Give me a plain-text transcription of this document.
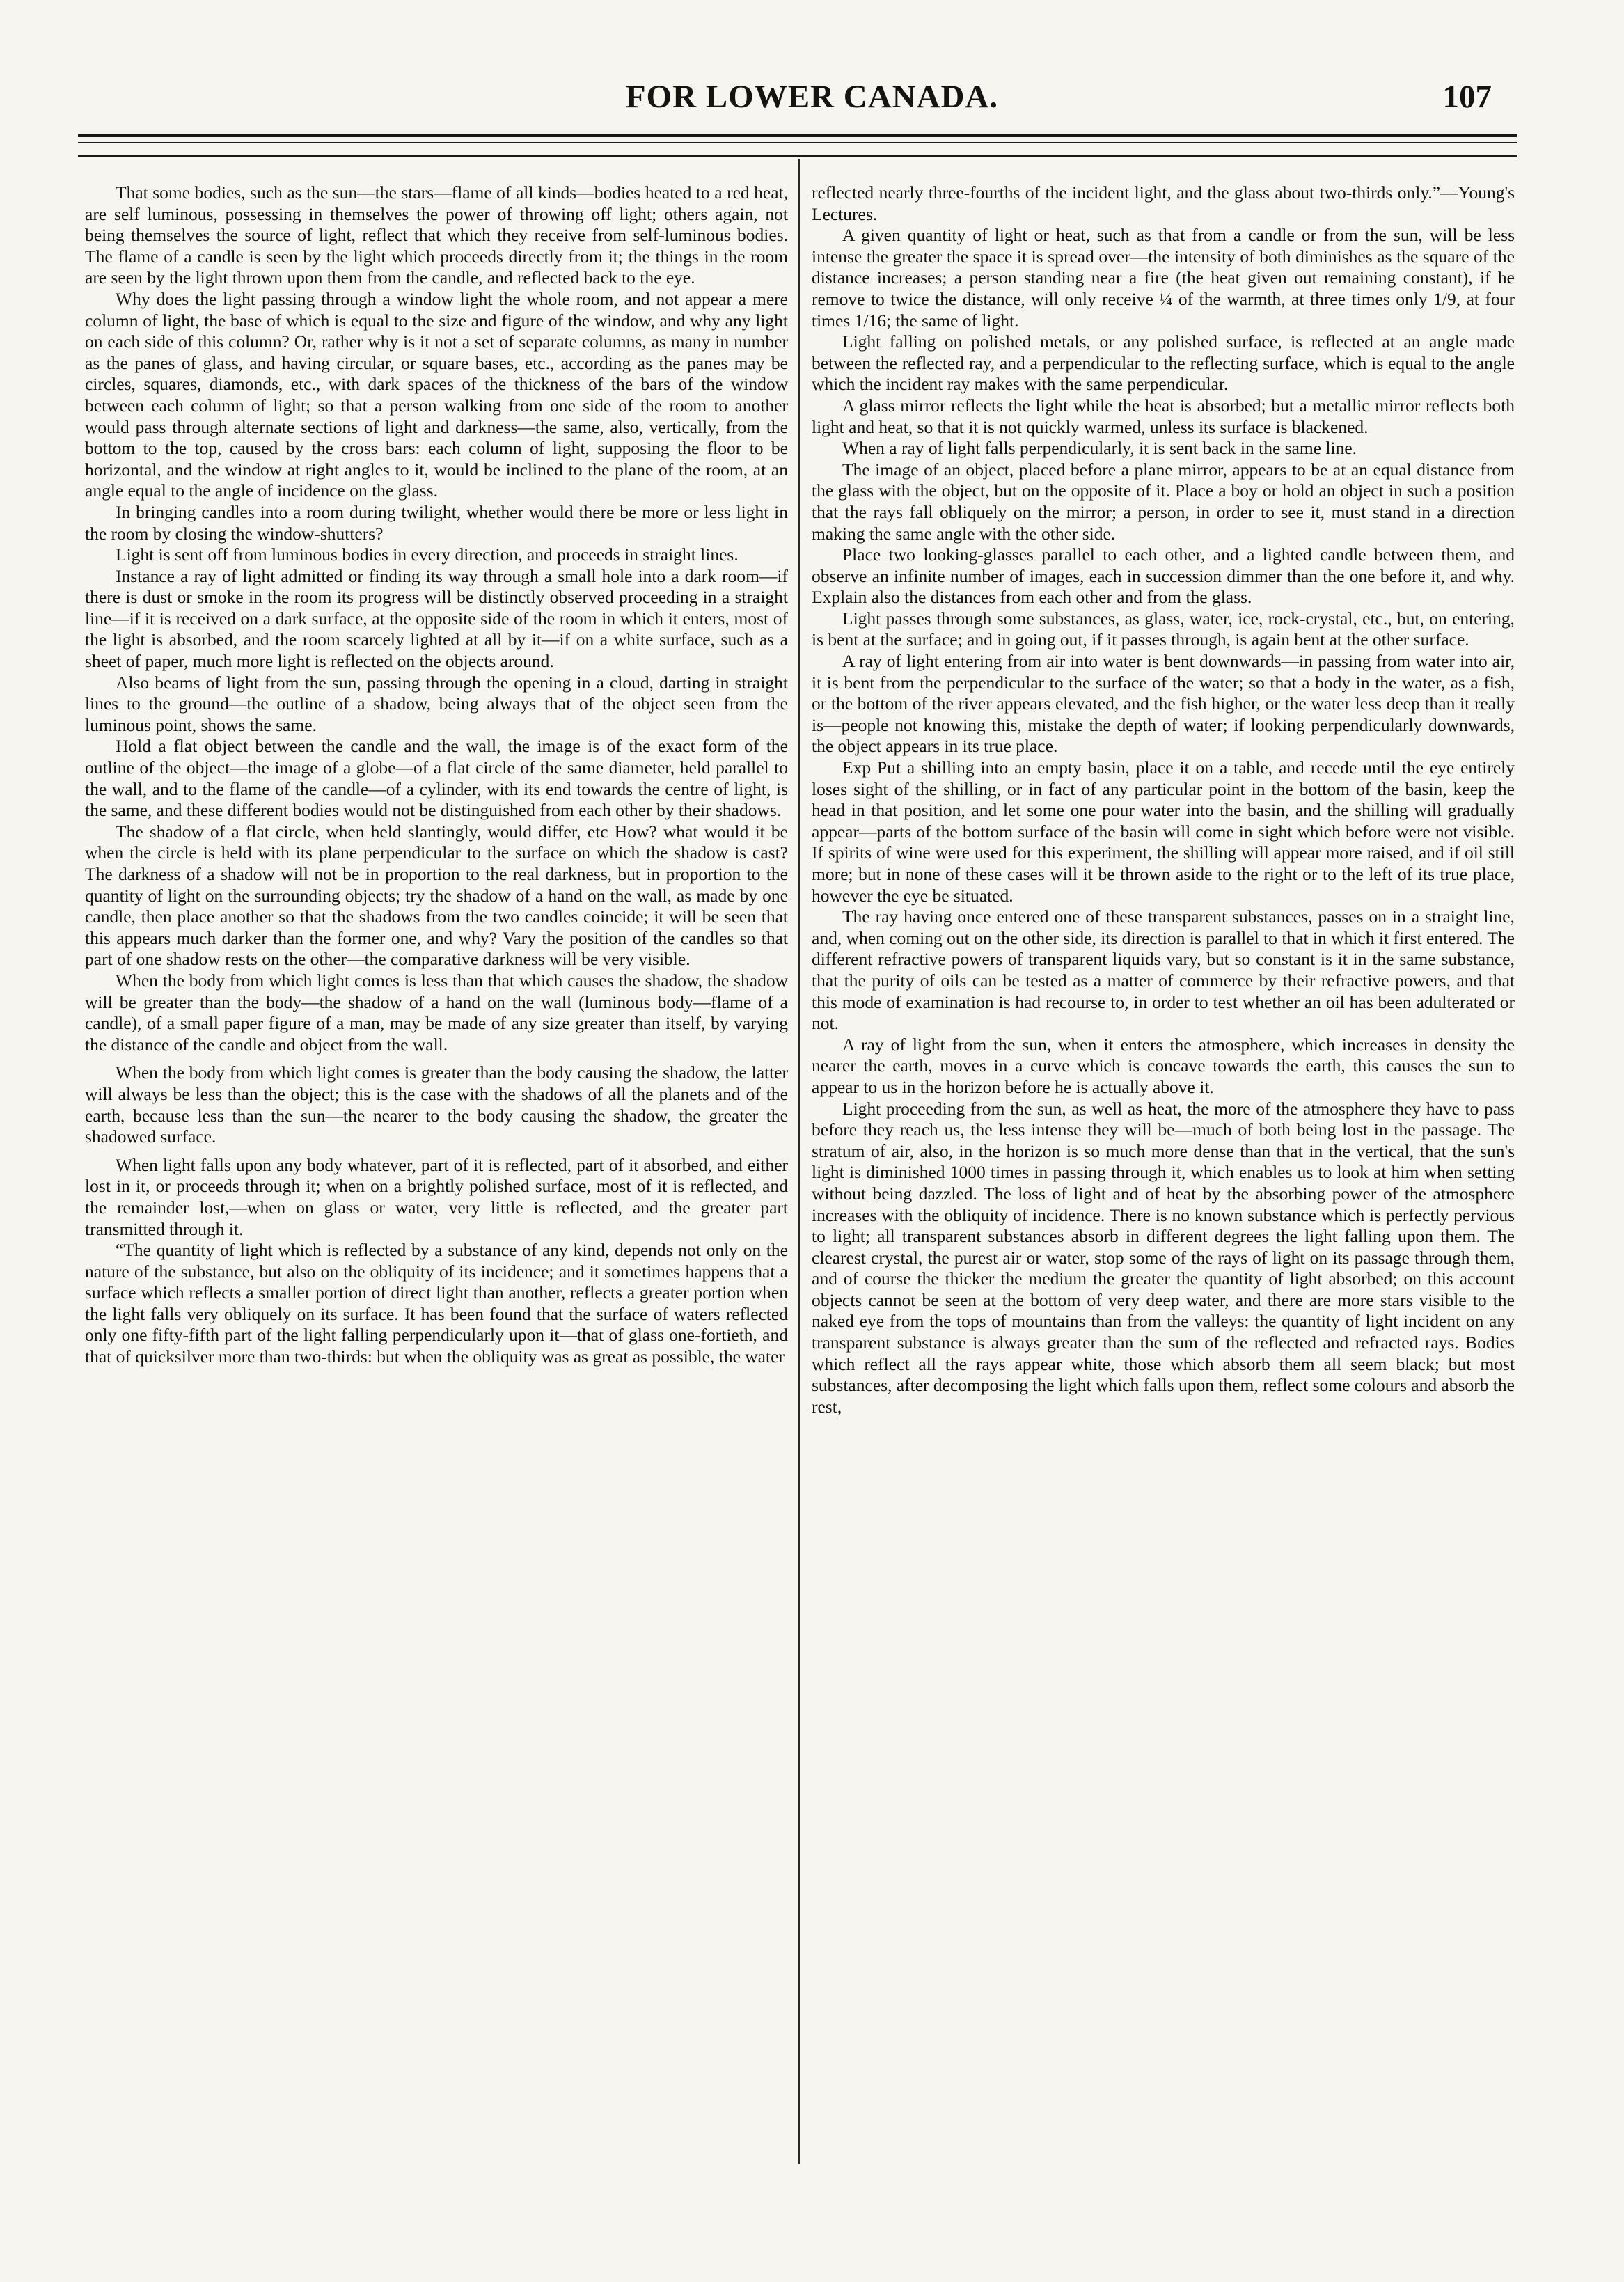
FOR LOWER CANADA.	107

That some bodies, such as the sun—the stars—flame of all kinds—bodies heated to a red heat, are self luminous, possessing in themselves the power of throwing off light; others again, not being themselves the source of light, reflect that which they receive from self-luminous bodies. The flame of a candle is seen by the light which proceeds directly from it; the things in the room are seen by the light thrown upon them from the candle, and reflected back to the eye.

Why does the light passing through a window light the whole room, and not appear a mere column of light, the base of which is equal to the size and figure of the window, and why any light on each side of this column? Or, rather why is it not a set of separate columns, as many in number as the panes of glass, and having circular, or square bases, etc., according as the panes may be circles, squares, diamonds, etc., with dark spaces of the thickness of the bars of the window between each column of light; so that a person walking from one side of the room to another would pass through alternate sections of light and darkness—the same, also, vertically, from the bottom to the top, caused by the cross bars: each column of light, supposing the floor to be horizontal, and the window at right angles to it, would be inclined to the plane of the room, at an angle equal to the angle of incidence on the glass.

In bringing candles into a room during twilight, whether would there be more or less light in the room by closing the window-shutters?

Light is sent off from luminous bodies in every direction, and proceeds in straight lines.

Instance a ray of light admitted or finding its way through a small hole into a dark room—if there is dust or smoke in the room its progress will be distinctly observed proceeding in a straight line—if it is received on a dark surface, at the opposite side of the room in which it enters, most of the light is absorbed, and the room scarcely lighted at all by it—if on a white surface, such as a sheet of paper, much more light is reflected on the objects around.

Also beams of light from the sun, passing through the opening in a cloud, darting in straight lines to the ground—the outline of a shadow, being always that of the object seen from the luminous point, shows the same.

Hold a flat object between the candle and the wall, the image is of the exact form of the outline of the object—the image of a globe—of a flat circle of the same diameter, held parallel to the wall, and to the flame of the candle—of a cylinder, with its end towards the centre of light, is the same, and these different bodies would not be distinguished from each other by their shadows.

The shadow of a flat circle, when held slantingly, would differ, etc How? what would it be when the circle is held with its plane perpendicular to the surface on which the shadow is cast? The darkness of a shadow will not be in proportion to the real darkness, but in proportion to the quantity of light on the surrounding objects; try the shadow of a hand on the wall, as made by one candle, then place another so that the shadows from the two candles coincide; it will be seen that this appears much darker than the former one, and why? Vary the position of the candles so that part of one shadow rests on the other—the comparative darkness will be very visible.

When the body from which light comes is less than that which causes the shadow, the shadow will be greater than the body—the shadow of a hand on the wall (luminous body—flame of a candle), of a small paper figure of a man, may be made of any size greater than itself, by varying the distance of the candle and object from the wall.

When the body from which light comes is greater than the body causing the shadow, the latter will always be less than the object; this is the case with the shadows of all the planets and of the earth, because less than the sun—the nearer to the body causing the shadow, the greater the shadowed surface.

When light falls upon any body whatever, part of it is reflected, part of it absorbed, and either lost in it, or proceeds through it; when on a brightly polished surface, most of it is reflected, and the remainder lost,—when on glass or water, very little is reflected, and the greater part transmitted through it.

“The quantity of light which is reflected by a substance of any kind, depends not only on the nature of the substance, but also on the obliquity of its incidence; and it sometimes happens that a surface which reflects a smaller portion of direct light than another, reflects a greater portion when the light falls very obliquely on its surface. It has been found that the surface of waters reflected only one fifty-fifth part of the light falling perpendicularly upon it—that of glass one-fortieth, and that of quicksilver more than two-thirds: but when the obliquity was as great as possible, the water

reflected nearly three-fourths of the incident light, and the glass about two-thirds only.”—Young's Lectures.

A given quantity of light or heat, such as that from a candle or from the sun, will be less intense the greater the space it is spread over—the intensity of both diminishes as the square of the distance increases; a person standing near a fire (the heat given out remaining constant), if he remove to twice the distance, will only receive ¼ of the warmth, at three times only 1/9, at four times 1/16; the same of light.

Light falling on polished metals, or any polished surface, is reflected at an angle made between the reflected ray, and a perpendicular to the reflecting surface, which is equal to the angle which the incident ray makes with the same perpendicular.

A glass mirror reflects the light while the heat is absorbed; but a metallic mirror reflects both light and heat, so that it is not quickly warmed, unless its surface is blackened.

When a ray of light falls perpendicularly, it is sent back in the same line.

The image of an object, placed before a plane mirror, appears to be at an equal distance from the glass with the object, but on the opposite of it. Place a boy or hold an object in such a position that the rays fall obliquely on the mirror; a person, in order to see it, must stand in a direction making the same angle with the other side.

Place two looking-glasses parallel to each other, and a lighted candle between them, and observe an infinite number of images, each in succession dimmer than the one before it, and why. Explain also the distances from each other and from the glass.

Light passes through some substances, as glass, water, ice, rock-crystal, etc., but, on entering, is bent at the surface; and in going out, if it passes through, is again bent at the other surface.

A ray of light entering from air into water is bent downwards—in passing from water into air, it is bent from the perpendicular to the surface of the water; so that a body in the water, as a fish, or the bottom of the river appears elevated, and the fish higher, or the water less deep than it really is—people not knowing this, mistake the depth of water; if looking perpendicularly downwards, the object appears in its true place.

Exp Put a shilling into an empty basin, place it on a table, and recede until the eye entirely loses sight of the shilling, or in fact of any particular point in the bottom of the basin, keep the head in that position, and let some one pour water into the basin, and the shilling will gradually appear—parts of the bottom surface of the basin will come in sight which before were not visible. If spirits of wine were used for this experiment, the shilling will appear more raised, and if oil still more; but in none of these cases will it be thrown aside to the right or to the left of its true place, however the eye be situated.

The ray having once entered one of these transparent substances, passes on in a straight line, and, when coming out on the other side, its direction is parallel to that in which it first entered. The different refractive powers of transparent liquids vary, but so constant is it in the same substance, that the purity of oils can be tested as a matter of commerce by their refractive powers, and that this mode of examination is had recourse to, in order to test whether an oil has been adulterated or not.

A ray of light from the sun, when it enters the atmosphere, which increases in density the nearer the earth, moves in a curve which is concave towards the earth, this causes the sun to appear to us in the horizon before he is actually above it.

Light proceeding from the sun, as well as heat, the more of the atmosphere they have to pass before they reach us, the less intense they will be—much of both being lost in the passage. The stratum of air, also, in the horizon is so much more dense than that in the vertical, that the sun's light is diminished 1000 times in passing through it, which enables us to look at him when setting without being dazzled. The loss of light and of heat by the absorbing power of the atmosphere increases with the obliquity of incidence. There is no known substance which is perfectly pervious to light; all transparent substances absorb in different degrees the light falling upon them. The clearest crystal, the purest air or water, stop some of the rays of light on its passage through them, and of course the thicker the medium the greater the quantity of light absorbed; on this account objects cannot be seen at the bottom of very deep water, and there are more stars visible to the naked eye from the tops of mountains than from the valleys: the quantity of light incident on any transparent substance is always greater than the sum of the reflected and refracted rays. Bodies which reflect all the rays appear white, those which absorb them all seem black; but most substances, after decomposing the light which falls upon them, reflect some colours and absorb the rest,
